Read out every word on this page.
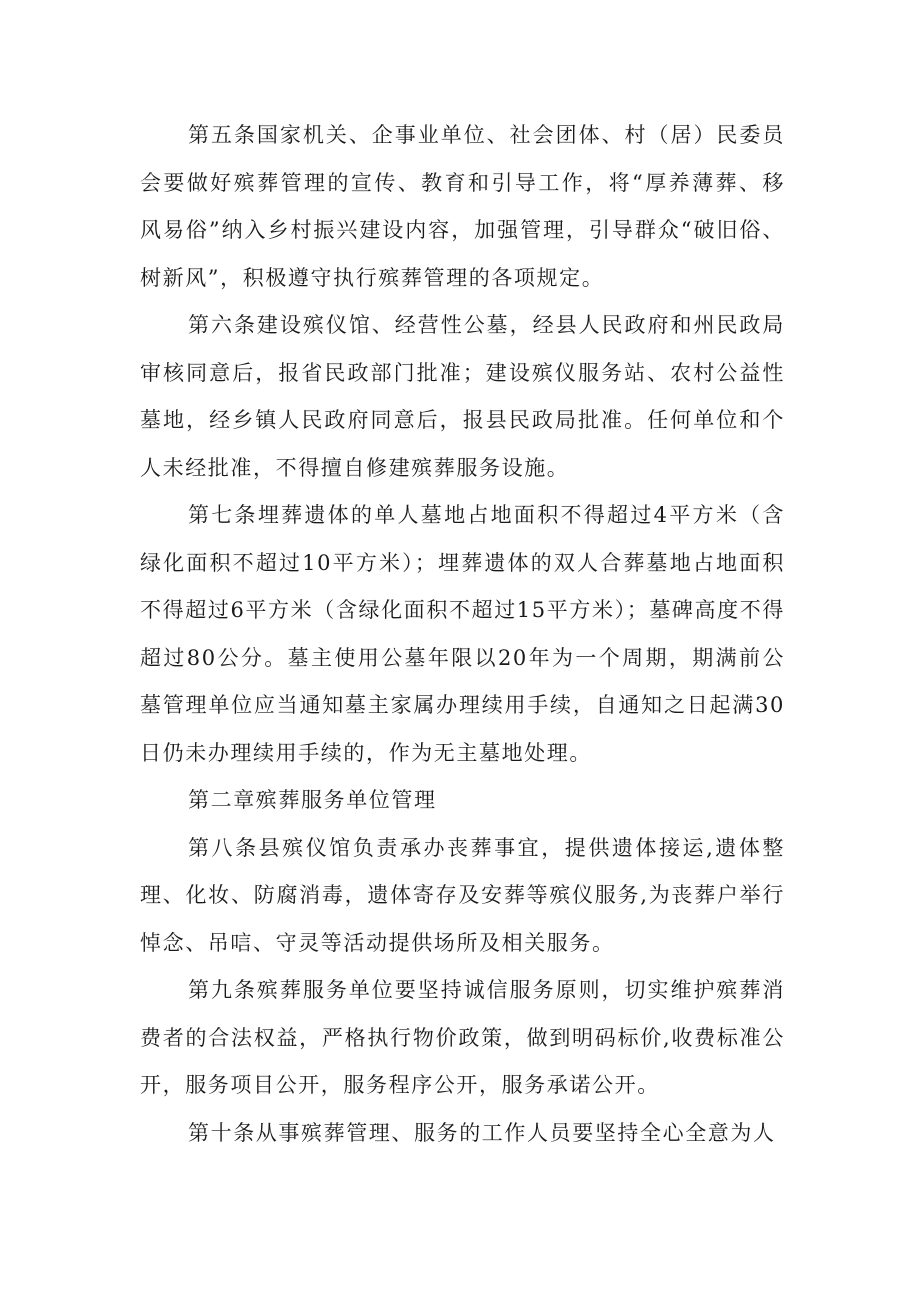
第五条国家机关、企事业单位、社会团体、村（居）民委员会要做好殡葬管理的宣传、教育和引导工作，将“厚养薄葬、移风易俗”纳入乡村振兴建设内容，加强管理，引导群众“破旧俗、树新风”，积极遵守执行殡葬管理的各项规定。

第六条建设殡仪馆、经营性公墓，经县人民政府和州民政局审核同意后，报省民政部门批准；建设殡仪服务站、农村公益性墓地，经乡镇人民政府同意后，报县民政局批准。任何单位和个人未经批准，不得擅自修建殡葬服务设施。

第七条埋葬遗体的单人墓地占地面积不得超过4平方米（含绿化面积不超过10平方米）；埋葬遗体的双人合葬墓地占地面积不得超过6平方米（含绿化面积不超过15平方米）；墓碑高度不得超过80公分。墓主使用公墓年限以20年为一个周期，期满前公墓管理单位应当通知墓主家属办理续用手续，自通知之日起满30日仍未办理续用手续的，作为无主墓地处理。

第二章殡葬服务单位管理

第八条县殡仪馆负责承办丧葬事宜，提供遗体接运,遗体整理、化妆、防腐消毒，遗体寄存及安葬等殡仪服务,为丧葬户举行悼念、吊唁、守灵等活动提供场所及相关服务。

第九条殡葬服务单位要坚持诚信服务原则，切实维护殡葬消费者的合法权益，严格执行物价政策，做到明码标价,收费标准公开，服务项目公开，服务程序公开，服务承诺公开。

第十条从事殡葬管理、服务的工作人员要坚持全心全意为人
